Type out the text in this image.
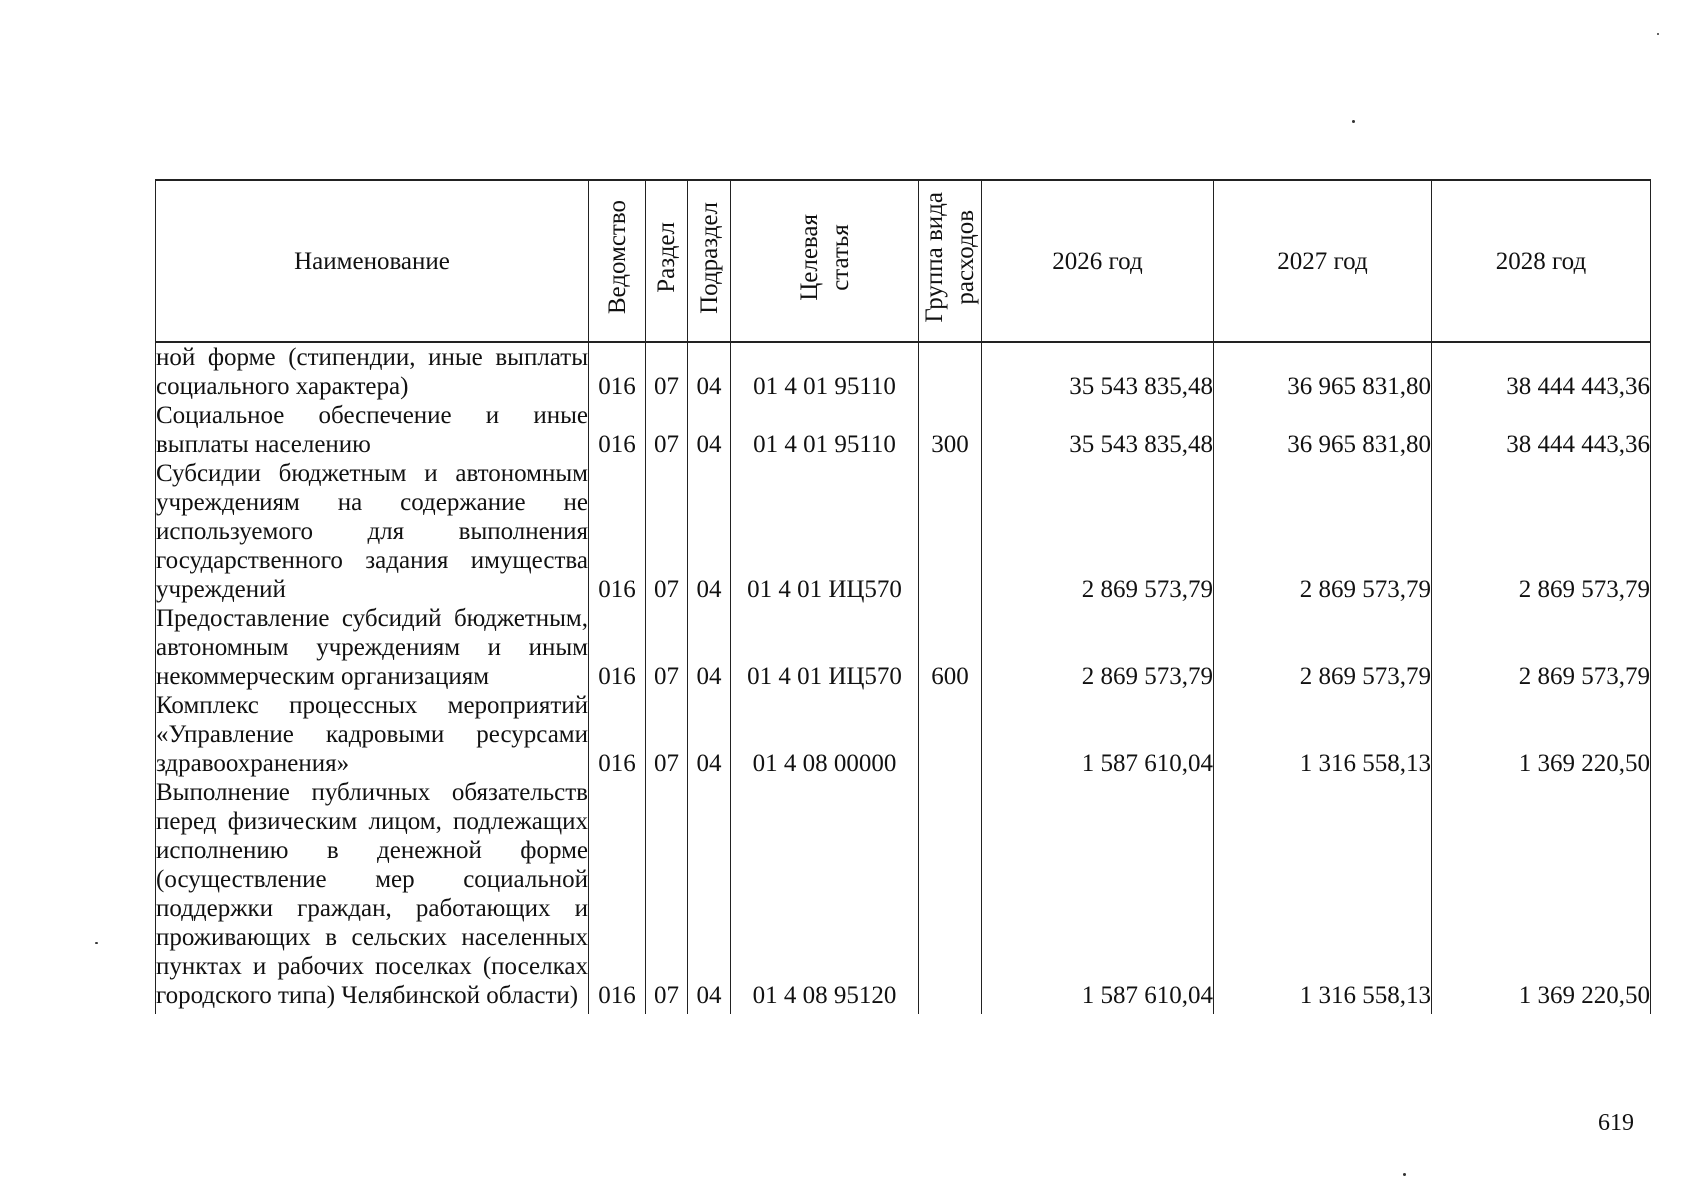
Наименование	Ведомство	Раздел	Подраздел	Целевая статья	Группа вида расходов	2026 год	2027 год	2028 год
ной форме (стипендии, иные выплаты социального характера)	016	07	04	01 4 01 95110		35 543 835,48	36 965 831,80	38 444 443,36
Социальное обеспечение и иные выплаты населению	016	07	04	01 4 01 95110	300	35 543 835,48	36 965 831,80	38 444 443,36
Субсидии бюджетным и автономным учреждениям на содержание не используемого для выполнения государственного задания имущества учреждений	016	07	04	01 4 01 ИЦ570		2 869 573,79	2 869 573,79	2 869 573,79
Предоставление субсидий бюджетным, автономным учреждениям и иным некоммерческим организациям	016	07	04	01 4 01 ИЦ570	600	2 869 573,79	2 869 573,79	2 869 573,79
Комплекс процессных мероприятий «Управление кадровыми ресурсами здравоохранения»	016	07	04	01 4 08 00000		1 587 610,04	1 316 558,13	1 369 220,50
Выполнение публичных обязательств перед физическим лицом, подлежащих исполнению в денежной форме (осуществление мер социальной поддержки граждан, работающих и проживающих в сельских населенных пунктах и рабочих поселках (поселках городского типа) Челябинской области)	016	07	04	01 4 08 95120		1 587 610,04	1 316 558,13	1 369 220,50
619
